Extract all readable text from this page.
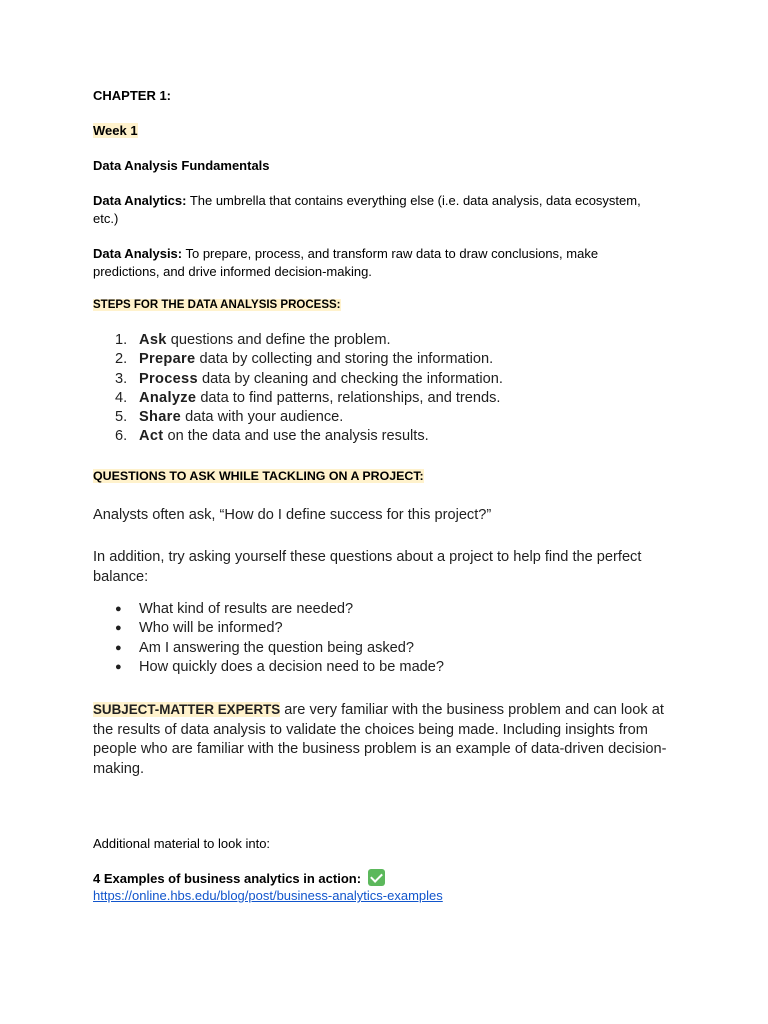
CHAPTER 1:
Week 1
Data Analysis Fundamentals
Data Analytics: The umbrella that contains everything else (i.e. data analysis, data ecosystem, etc.)
Data Analysis: To prepare, process, and transform raw data to draw conclusions, make predictions, and drive informed decision-making.
STEPS FOR THE DATA ANALYSIS PROCESS:
1. Ask questions and define the problem.
2. Prepare data by collecting and storing the information.
3. Process data by cleaning and checking the information.
4. Analyze data to find patterns, relationships, and trends.
5. Share data with your audience.
6. Act on the data and use the analysis results.
QUESTIONS TO ASK WHILE TACKLING ON A PROJECT:
Analysts often ask, “How do I define success for this project?”
In addition, try asking yourself these questions about a project to help find the perfect balance:
● What kind of results are needed?
● Who will be informed?
● Am I answering the question being asked?
● How quickly does a decision need to be made?
SUBJECT-MATTER EXPERTS are very familiar with the business problem and can look at the results of data analysis to validate the choices being made. Including insights from people who are familiar with the business problem is an example of data-driven decision-making.
Additional material to look into:
4 Examples of business analytics in action:
https://online.hbs.edu/blog/post/business-analytics-examples
